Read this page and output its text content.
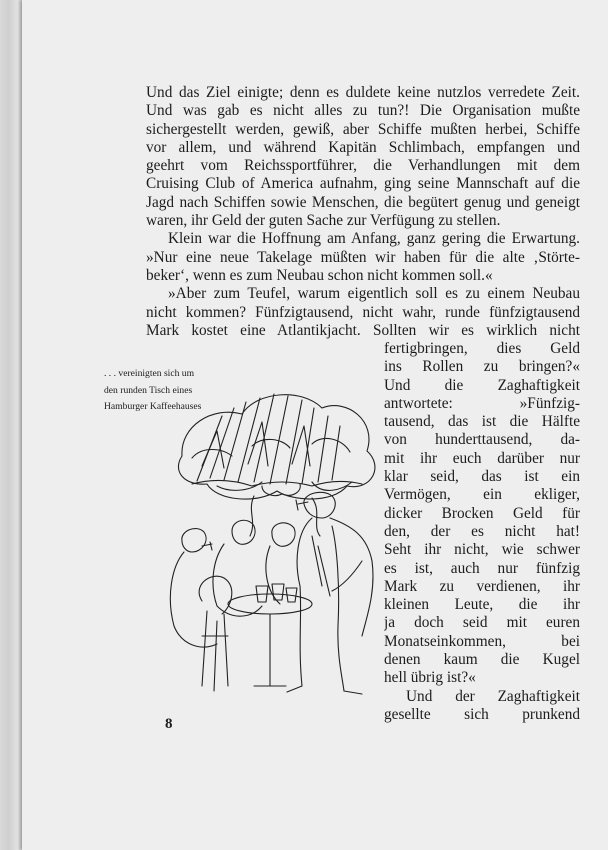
Und das Ziel einigte; denn es duldete keine nutzlos verredete Zeit.
Und was gab es nicht alles zu tun?! Die Organisation mußte
sichergestellt werden, gewiß, aber Schiffe mußten herbei, Schiffe
vor allem, und während Kapitän Schlimbach, empfangen und
geehrt vom Reichssportführer, die Verhandlungen mit dem
Cruising Club of America aufnahm, ging seine Mannschaft auf die
Jagd nach Schiffen sowie Menschen, die begütert genug und geneigt
waren, ihr Geld der guten Sache zur Verfügung zu stellen.
Klein war die Hoffnung am Anfang, ganz gering die Erwartung.
»Nur eine neue Takelage müßten wir haben für die alte ‚Störte-
beker‘, wenn es zum Neubau schon nicht kommen soll.«
»Aber zum Teufel, warum eigentlich soll es zu einem Neubau
nicht kommen? Fünfzigtausend, nicht wahr, runde fünfzigtausend
Mark kostet eine Atlantikjacht. Sollten wir es wirklich nicht
fertigbringen, dies Geld
ins Rollen zu bringen?«
Und die Zaghaftigkeit
antwortete: »Fünfzig-
tausend, das ist die Hälfte
von hunderttausend, da-
mit ihr euch darüber nur
klar seid, das ist ein
Vermögen, ein ekliger,
dicker Brocken Geld für
den, der es nicht hat!
Seht ihr nicht, wie schwer
es ist, auch nur fünfzig
Mark zu verdienen, ihr
kleinen Leute, die ihr
ja doch seid mit euren
Monatseinkommen, bei
denen kaum die Kugel
hell übrig ist?«
Und der Zaghaftigkeit
gesellte sich prunkend
. . . vereinigten sich um
den runden Tisch eines
Hamburger Kaffeehauses
8
